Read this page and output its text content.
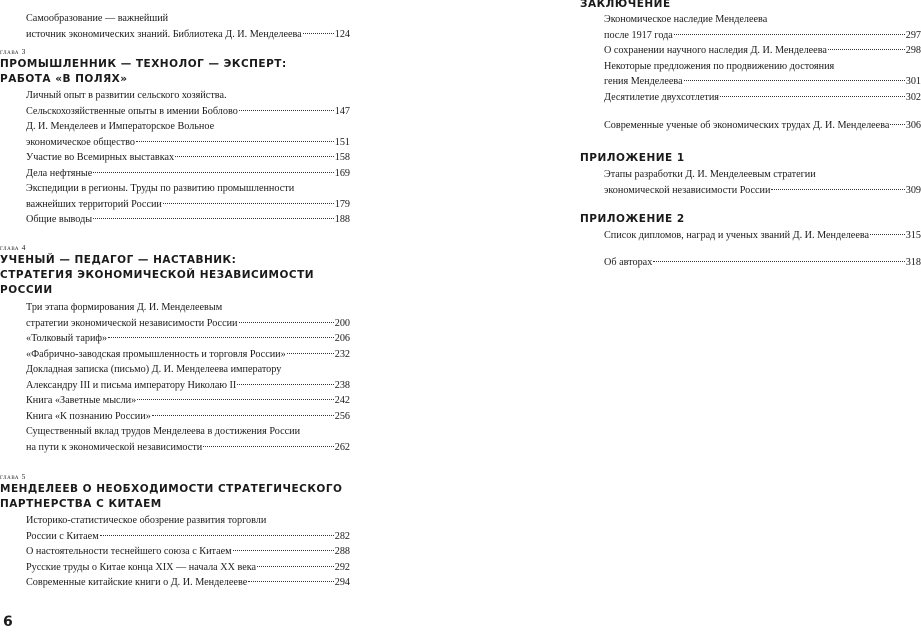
Самообразование — важнейший
источник экономических знаний. Библиотека Д. И. Менделеева	124
глава 3
ПРОМЫШЛЕННИК — ТЕХНОЛОГ — ЭКСПЕРТ:
РАБОТА «В ПОЛЯХ»
Личный опыт в развитии сельского хозяйства.
Сельскохозяйственные опыты в имении Боблово	147
Д. И. Менделеев и Императорское Вольное
экономическое общество	151
Участие во Всемирных выставках	158
Дела нефтяные	169
Экспедиции в регионы. Труды по развитию промышленности
важнейших территорий России	179
Общие выводы	188
глава 4
УЧЕНЫЙ — ПЕДАГОГ — НАСТАВНИК:
СТРАТЕГИЯ ЭКОНОМИЧЕСКОЙ НЕЗАВИСИМОСТИ
РОССИИ
Три этапа формирования Д. И. Менделеевым
стратегии экономической независимости России	200
«Толковый тариф»	206
«Фабрично-заводская промышленность и торговля России»	232
Докладная записка (письмо) Д. И. Менделеева императору
Александру III и письма императору Николаю II	238
Книга «Заветные мысли»	242
Книга «К познанию России»	256
Существенный вклад трудов Менделеева в достижения России
на пути к экономической независимости	262
глава 5
МЕНДЕЛЕЕВ О НЕОБХОДИМОСТИ СТРАТЕГИЧЕСКОГО
ПАРТНЕРСТВА С КИТАЕМ
Историко-статистическое обозрение развития торговли
России с Китаем	282
О настоятельности теснейшего союза с Китаем	288
Русские труды о Китае конца XIX — начала XX века	292
Современные китайские книги о Д. И. Менделееве	294
ЗАКЛЮЧЕНИЕ
Экономическое наследие Менделеева
после 1917 года	297
О сохранении научного наследия Д. И. Менделеева	298
Некоторые предложения по продвижению достояния
гения Менделеева	301
Десятилетие двухсотлетия	302
Современные ученые об экономических трудах Д. И. Менделеева 306
ПРИЛОЖЕНИЕ 1
Этапы разработки Д. И. Менделеевым стратегии
экономической независимости России	309
ПРИЛОЖЕНИЕ 2
Список дипломов, наград и ученых званий Д. И. Менделеева	315
Об авторах	318
6
